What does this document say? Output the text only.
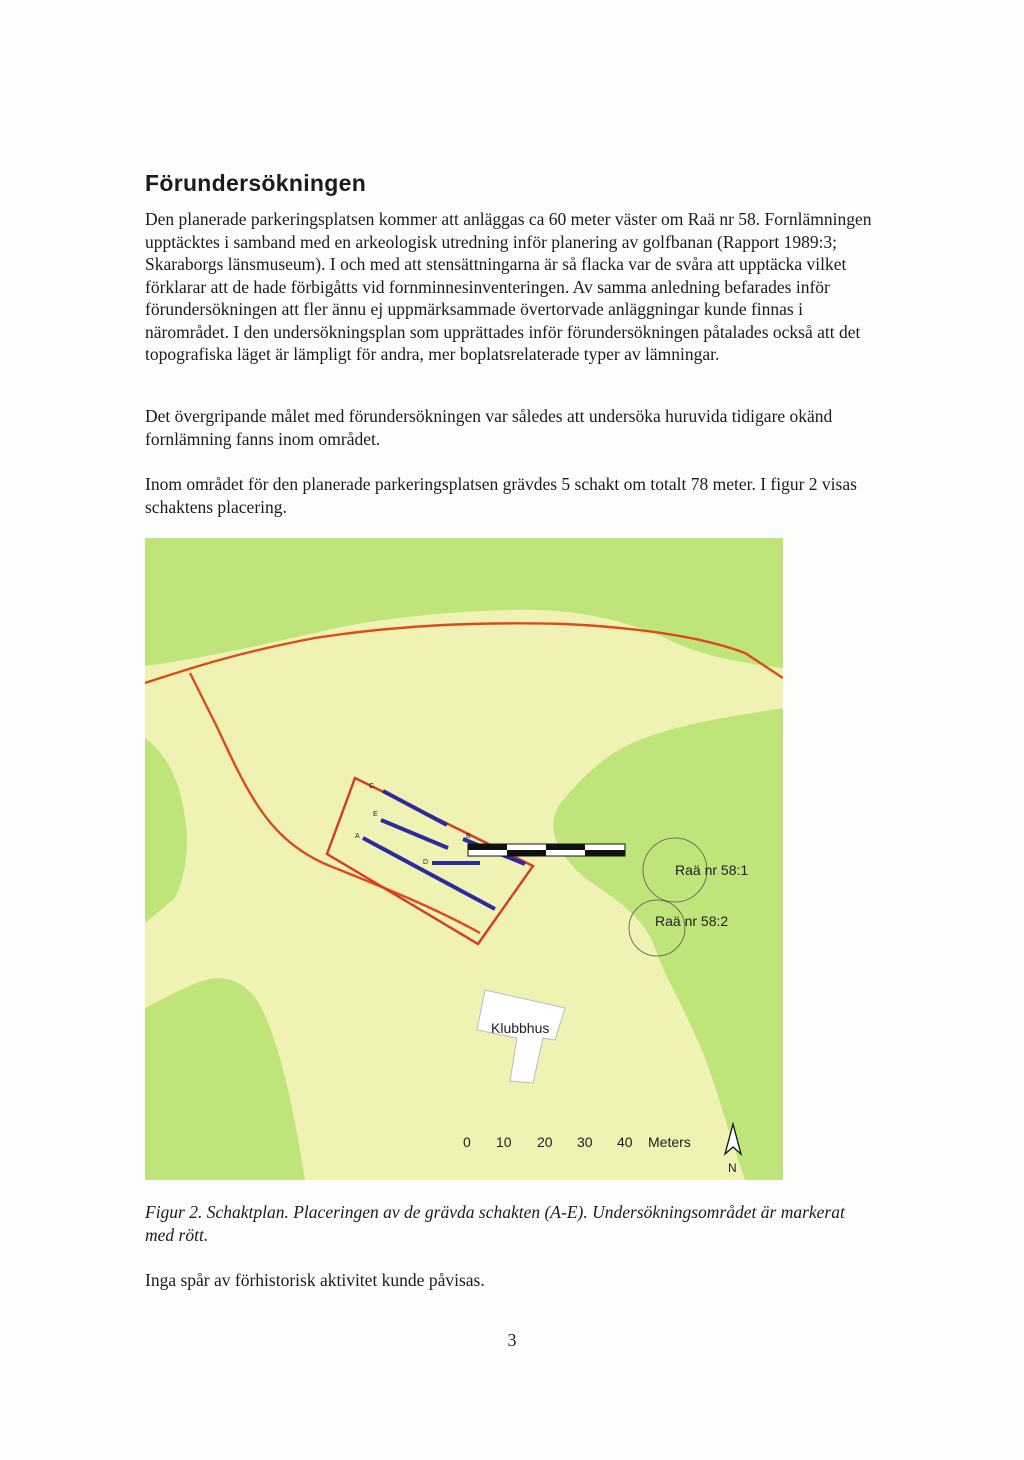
Förundersökningen

Den planerade parkeringsplatsen kommer att anläggas ca 60 meter väster om Raä nr 58. Fornlämningen upptäcktes i samband med en arkeologisk utredning inför planering av golfbanan (Rapport 1989:3; Skaraborgs länsmuseum). I och med att stensättningarna är så flacka var de svåra att upptäcka vilket förklarar att de hade förbigåtts vid fornminnesinventeringen. Av samma anledning befarades inför förundersökningen att fler ännu ej uppmärksammade övertorvade anläggningar kunde finnas i närområdet. I den undersökningsplan som upprättades inför förundersökningen påtalades också att det topografiska läget är lämpligt för andra, mer boplatsrelaterade typer av lämningar.

Det övergripande målet med förundersökningen var således att undersöka huruvida tidigare okänd fornlämning fanns inom området.

Inom området för den planerade parkeringsplatsen grävdes 5 schakt om totalt 78 meter. I figur 2 visas schaktens placering.

C
E
B
A
D	Raä nr 58:1
Raä nr 58:2
Klubbhus
0 10 20 30 40 Meters
N

Figur 2. Schaktplan. Placeringen av de grävda schakten (A-E). Undersökningsområdet är markerat med rött.

Inga spår av förhistorisk aktivitet kunde påvisas.

3
